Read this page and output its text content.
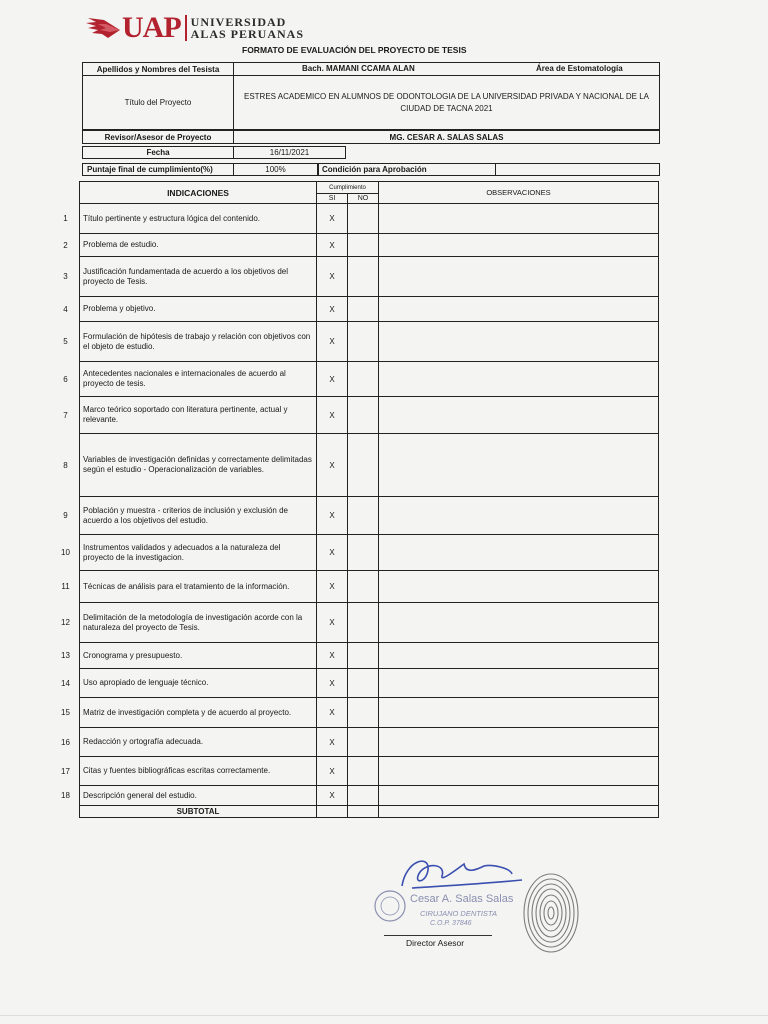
UAP UNIVERSIDAD
ALAS PERUANAS
FORMATO DE EVALUACIÓN DEL PROYECTO DE TESIS
Apellidos y Nombres del Tesista	Bach. MAMANI CCAMA ALAN	Área de Estomatología
Título del Proyecto
ESTRES ACADEMICO EN ALUMNOS DE ODONTOLOGIA DE LA UNIVERSIDAD PRIVADA Y NACIONAL DE LA CIUDAD DE TACNA 2021
Revisor/Asesor de Proyecto	MG. CESAR A. SALAS SALAS
Fecha	16/11/2021
Puntaje final de cumplimiento(%)	100%	Condición para Aprobación
	INDICACIONES	Cumplimiento		OBSERVACIONES
		SI	NO	
1	Título pertinente y estructura lógica del contenido.	X		
2	Problema de estudio.	X		
3	Justificación fundamentada de acuerdo a los objetivos del proyecto de Tesis.	X		
4	Problema y objetivo.	X		
5	Formulación de hipótesis de trabajo y relación con objetivos con el objeto de estudio.	X		
6	Antecedentes nacionales e internacionales de acuerdo al proyecto de tesis.	X		
7	Marco teórico soportado con literatura pertinente, actual y relevante.	X		
8	Variables de investigación definidas y correctamente delimitadas según el estudio - Operacionalización de variables.	X		
9	Población y muestra - criterios de inclusión y exclusión de acuerdo a los objetivos del estudio.	X		
10	Instrumentos validados y adecuados a la naturaleza del proyecto de la investigacion.	X		
11	Técnicas de análisis para el tratamiento de la información.	X		
12	Delimitación de la metodología de investigación acorde con la naturaleza del proyecto de Tesis.	X		
13	Cronograma y presupuesto.	X		
14	Uso apropiado de lenguaje técnico.	X		
15	Matriz de investigación completa y de acuerdo al proyecto.	X		
16	Redacción y ortografía adecuada.	X		
17	Citas y fuentes bibliográficas escritas correctamente.	X		
18	Descripción general del estudio.	X		
	SUBTOTAL			
Cesar A. Salas Salas
CIRUJANO DENTISTA
C.O.P. 37846
Director Asesor
